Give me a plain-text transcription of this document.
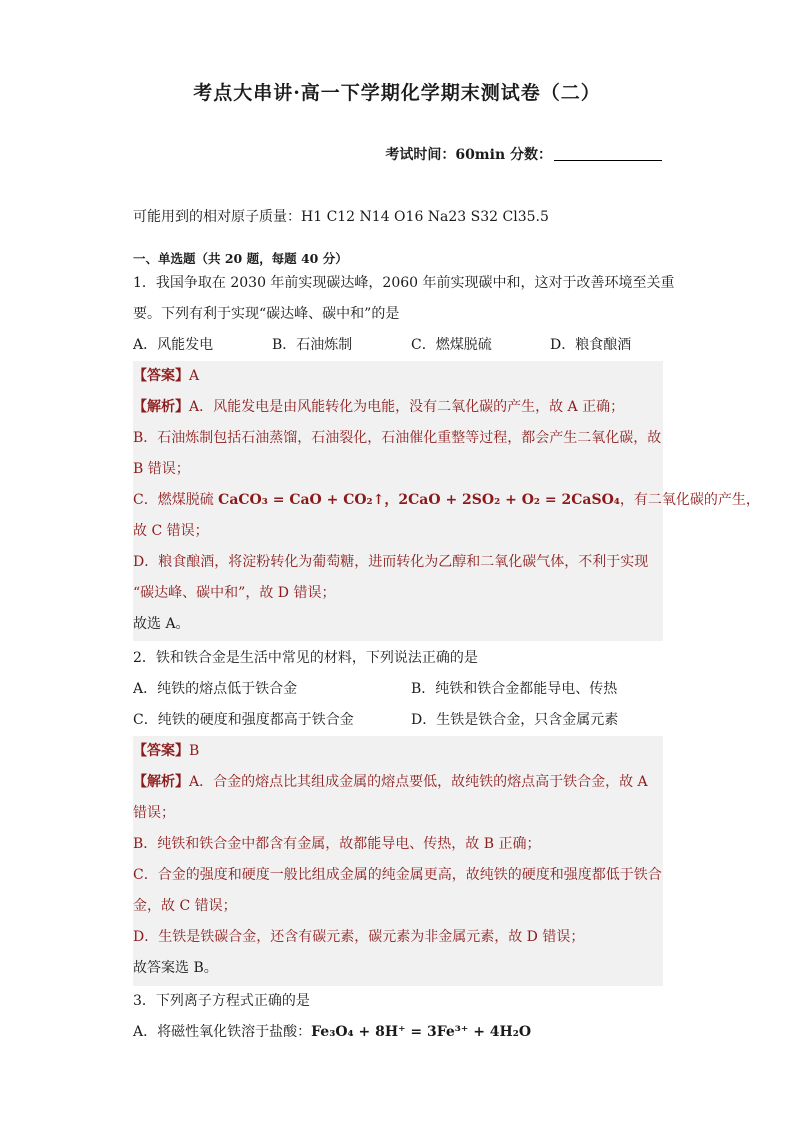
考点大串讲·高一下学期化学期末测试卷（二）
考试时间：60min 分数：
可能用到的相对原子质量：H1 C12 N14 O16 Na23 S32 Cl35.5
一、单选题（共 20 题，每题 40 分）
1．我国争取在 2030 年前实现碳达峰，2060 年前实现碳中和，这对于改善环境至关重
要。下列有利于实现“碳达峰、碳中和”的是
A．风能发电	B．石油炼制	C．燃煤脱硫	D．粮食酿酒
【答案】A
【解析】A．风能发电是由风能转化为电能，没有二氧化碳的产生，故 A 正确；
B．石油炼制包括石油蒸馏，石油裂化，石油催化重整等过程，都会产生二氧化碳，故
B 错误；
C．燃煤脱硫 CaCO₃ = CaO + CO₂↑，2CaO + 2SO₂ + O₂ = 2CaSO₄，有二氧化碳的产生，
故 C 错误；
D．粮食酿酒，将淀粉转化为葡萄糖，进而转化为乙醇和二氧化碳气体，不利于实现
“碳达峰、碳中和”，故 D 错误；
故选 A。
2．铁和铁合金是生活中常见的材料，下列说法正确的是
A．纯铁的熔点低于铁合金	B．纯铁和铁合金都能导电、传热
C．纯铁的硬度和强度都高于铁合金	D．生铁是铁合金，只含金属元素
【答案】B
【解析】A．合金的熔点比其组成金属的熔点要低，故纯铁的熔点高于铁合金，故 A
错误；
B．纯铁和铁合金中都含有金属，故都能导电、传热，故 B 正确；
C．合金的强度和硬度一般比组成金属的纯金属更高，故纯铁的硬度和强度都低于铁合
金，故 C 错误；
D．生铁是铁碳合金，还含有碳元素，碳元素为非金属元素，故 D 错误；
故答案选 B。
3．下列离子方程式正确的是
A．将磁性氧化铁溶于盐酸：Fe₃O₄ + 8H⁺ = 3Fe³⁺ + 4H₂O
